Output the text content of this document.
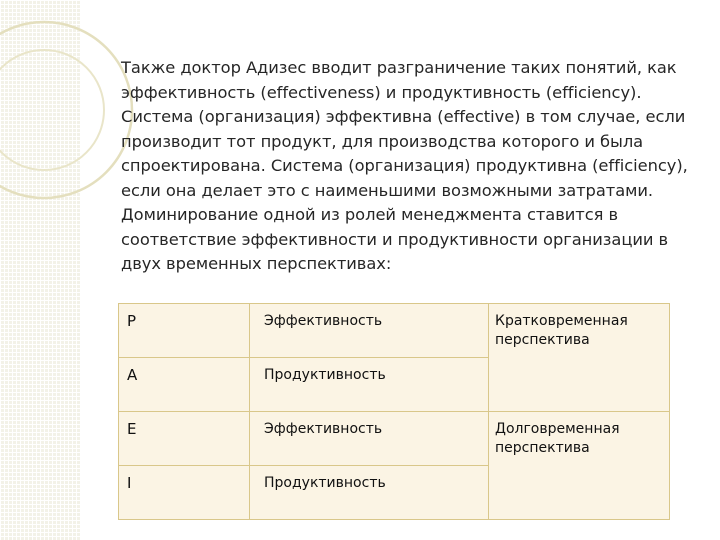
Также доктор Адизес вводит разграничение таких понятий, как эффективность (effectiveness) и продуктивность (efficiency). Система (организация) эффективна (effective) в том случае, если производит тот продукт, для производства которого и была спроектирована. Система (организация) продуктивна (efficiency), если она делает это с наименьшими возможными затратами. Доминирование одной из ролей менеджмента ставится в соответствие эффективности и продуктивности организации в двух временных перспективах:

P	Эффективность	Кратковременная перспектива
A	Продуктивность	
E	Эффективность	Долговременная перспектива
I	Продуктивность	
